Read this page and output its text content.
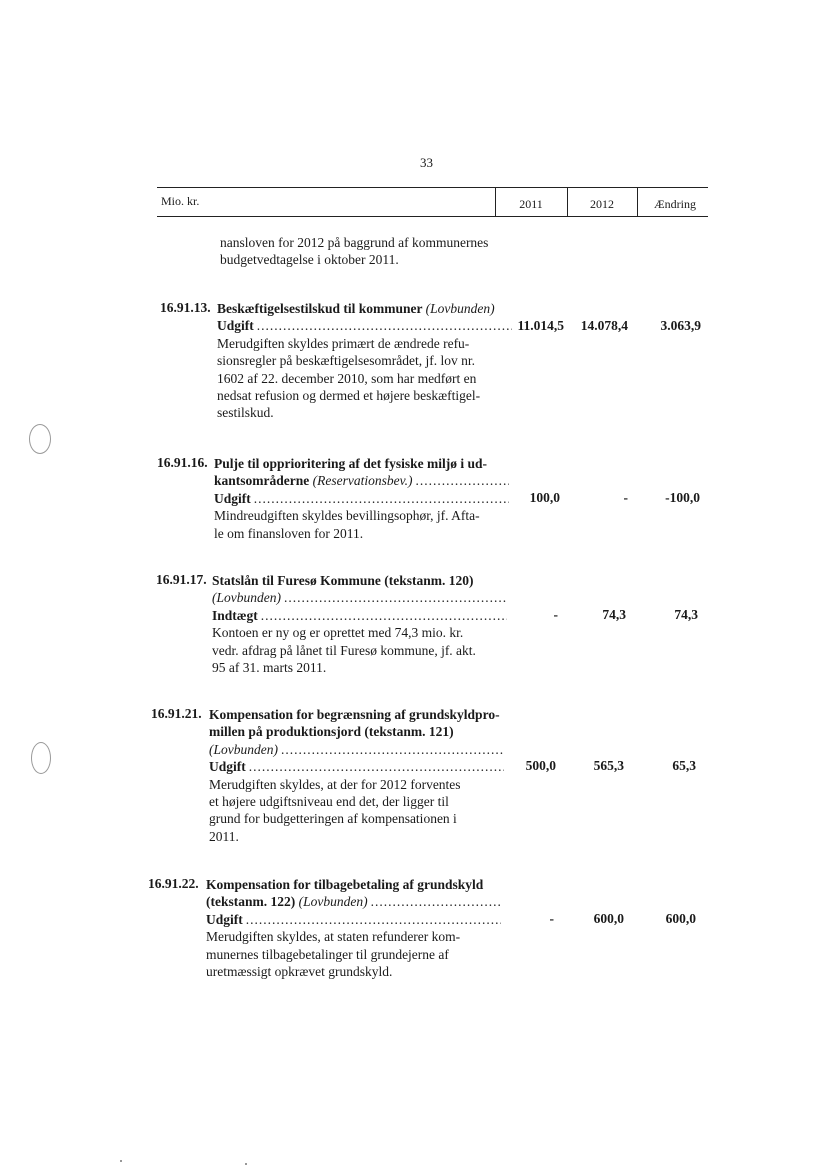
33
Mio. kr.	2011	2012	Ændring
nansloven for 2012 på baggrund af kommunernes
budgetvedtagelse i oktober 2011.
16.91.13. Beskæftigelsestilskud til kommuner (Lovbunden)
Udgift .....
Merudgiften skyldes primært de ændrede refu-
sionsregler på beskæftigelsesområdet, jf. lov nr.
1602 af 22. december 2010, som har medført en
nedsat refusion og dermed et højere beskæftigel-
sestilskud.
11.014,5	14.078,4	3.063,9
16.91.16. Pulje til opprioritering af det fysiske miljø i ud-
kantsområderne (Reservationsbev.) .....
Udgift .....
Mindreudgiften skyldes bevillingsophør, jf. Afta-
le om finansloven for 2011.
100,0	-	-100,0
16.91.17. Statslån til Furesø Kommune (tekstanm. 120)
(Lovbunden) .....
Indtægt .....
Kontoen er ny og er oprettet med 74,3 mio. kr.
vedr. afdrag på lånet til Furesø kommune, jf. akt.
95 af 31. marts 2011.
-	74,3	74,3
16.91.21. Kompensation for begrænsning af grundskyldpro-
millen på produktionsjord (tekstanm. 121)
(Lovbunden) .....
Udgift .....
Merudgiften skyldes, at der for 2012 forventes
et højere udgiftsniveau end det, der ligger til
grund for budgetteringen af kompensationen i
2011.
500,0	565,3	65,3
16.91.22. Kompensation for tilbagebetaling af grundskyld
(tekstanm. 122) (Lovbunden) .....
Udgift .....
Merudgiften skyldes, at staten refunderer kom-
munernes tilbagebetalinger til grundejerne af
uretmæssigt opkrævet grundskyld.
-	600,0	600,0
